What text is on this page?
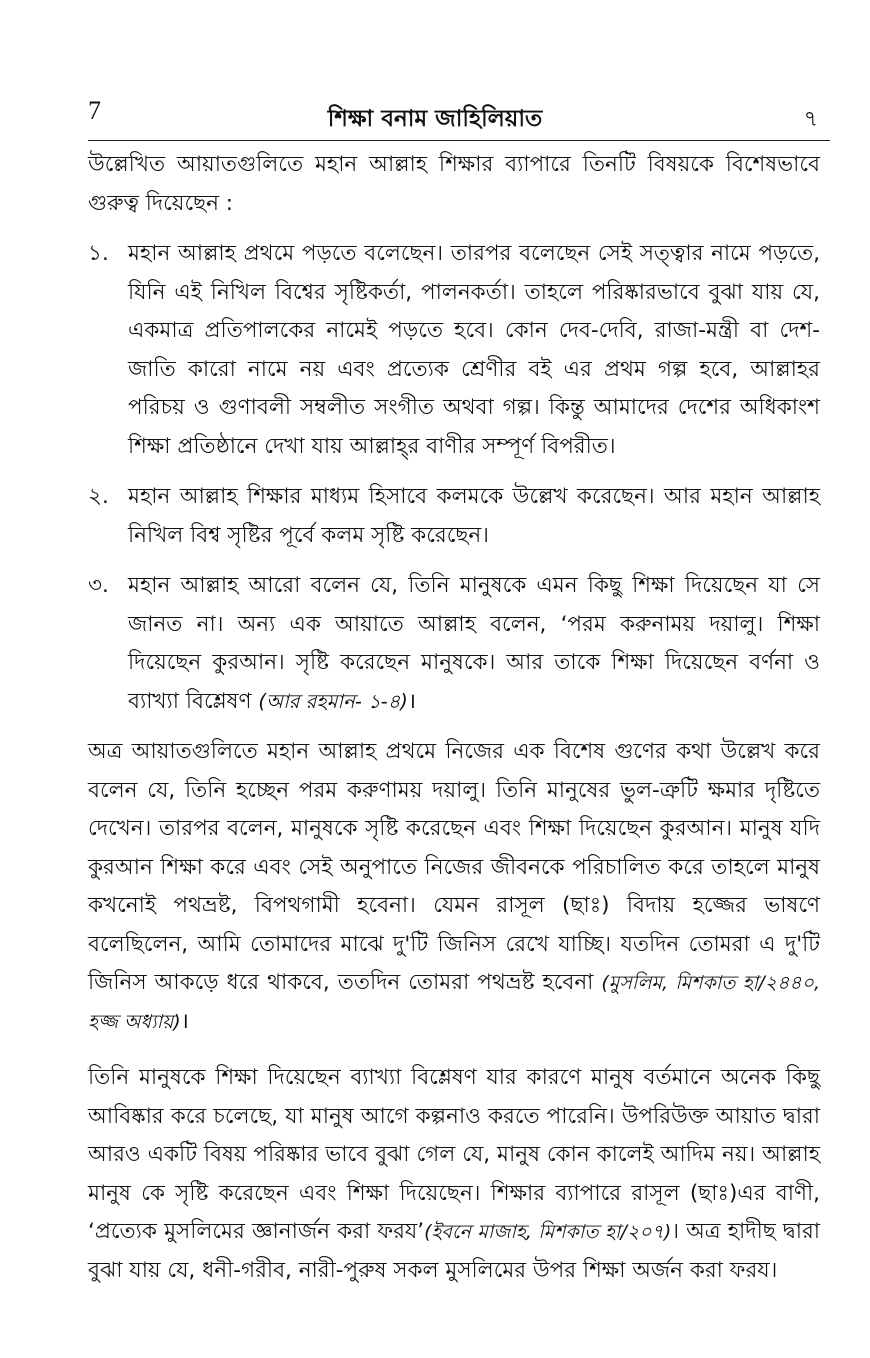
7	শিক্ষা বনাম জাহিলিয়াত	৭

উল্লেখিত আয়াতগুলিতে মহান আল্লাহ শিক্ষার ব্যাপারে তিনটি বিষয়কে বিশেষভাবে গুরুত্ব দিয়েছেন :

১. মহান আল্লাহ প্রথমে পড়তে বলেছেন। তারপর বলেছেন সেই সত্ত্বার নামে পড়তে, যিনি এই নিখিল বিশ্বের সৃষ্টিকর্তা, পালনকর্তা। তাহলে পরিষ্কারভাবে বুঝা যায় যে, একমাত্র প্রতিপালকের নামেই পড়তে হবে। কোন দেব-দেবি, রাজা-মন্ত্রী বা দেশ-জাতি কারো নামে নয় এবং প্রত্যেক শ্রেণীর বই এর প্রথম গল্প হবে, আল্লাহর পরিচয় ও গুণাবলী সম্বলীত সংগীত অথবা গল্প। কিন্তু আমাদের দেশের অধিকাংশ শিক্ষা প্রতিষ্ঠানে দেখা যায় আল্লাহ্‌র বাণীর সম্পূর্ণ বিপরীত।
২. মহান আল্লাহ শিক্ষার মাধ্যম হিসাবে কলমকে উল্লেখ করেছেন। আর মহান আল্লাহ নিখিল বিশ্ব সৃষ্টির পূর্বে কলম সৃষ্টি করেছেন।
৩. মহান আল্লাহ আরো বলেন যে, তিনি মানুষকে এমন কিছু শিক্ষা দিয়েছেন যা সে জানত না। অন্য এক আয়াতে আল্লাহ বলেন, ‘পরম করুনাময় দয়ালু। শিক্ষা দিয়েছেন কুরআন। সৃষ্টি করেছেন মানুষকে। আর তাকে শিক্ষা দিয়েছেন বর্ণনা ও ব্যাখ্যা বিশ্লেষণ (আর রহমান- ১-৪)।

অত্র আয়াতগুলিতে মহান আল্লাহ প্রথমে নিজের এক বিশেষ গুণের কথা উল্লেখ করে বলেন যে, তিনি হচ্ছেন পরম করুণাময় দয়ালু। তিনি মানুষের ভুল-ত্রুটি ক্ষমার দৃষ্টিতে দেখেন। তারপর বলেন, মানুষকে সৃষ্টি করেছেন এবং শিক্ষা দিয়েছেন কুরআন। মানুষ যদি কুরআন শিক্ষা করে এবং সেই অনুপাতে নিজের জীবনকে পরিচালিত করে তাহলে মানুষ কখনোই পথভ্রষ্ট, বিপথগামী হবেনা। যেমন রাসূল (ছাঃ) বিদায় হজ্জের ভাষণে বলেছিলেন, আমি তোমাদের মাঝে দু'টি জিনিস রেখে যাচ্ছি। যতদিন তোমরা এ দু'টি জিনিস আকড়ে ধরে থাকবে, ততদিন তোমরা পথভ্রষ্ট হবেনা (মুসলিম, মিশকাত হা/২৪৪০, হজ্জ অধ্যায়)।

তিনি মানুষকে শিক্ষা দিয়েছেন ব্যাখ্যা বিশ্লেষণ যার কারণে মানুষ বর্তমানে অনেক কিছু আবিষ্কার করে চলেছে, যা মানুষ আগে কল্পনাও করতে পারেনি। উপরিউক্ত আয়াত দ্বারা আরও একটি বিষয় পরিষ্কার ভাবে বুঝা গেল যে, মানুষ কোন কালেই আদিম নয়। আল্লাহ মানুষ কে সৃষ্টি করেছেন এবং শিক্ষা দিয়েছেন। শিক্ষার ব্যাপারে রাসূল (ছাঃ)এর বাণী, ‘প্রত্যেক মুসলিমের জ্ঞানার্জন করা ফরয’(ইবনে মাজাহ, মিশকাত হা/২০৭)। অত্র হাদীছ দ্বারা বুঝা যায় যে, ধনী-গরীব, নারী-পুরুষ সকল মুসলিমের উপর শিক্ষা অর্জন করা ফরয।
